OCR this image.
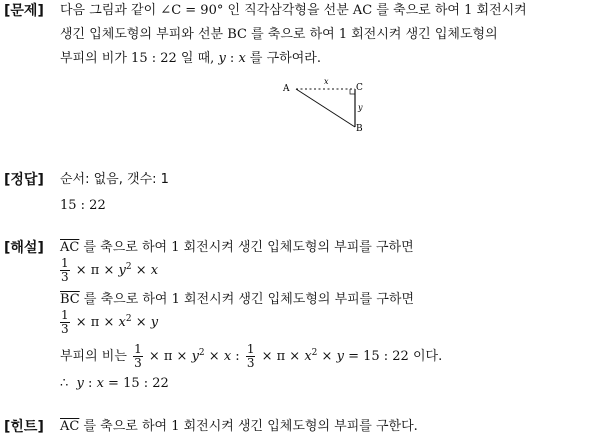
[문제] 다음 그림과 같이 ∠C = 90° 인 직각삼각형을 선분 AC 를 축으로 하여 1 회전시켜
생긴 입체도형의 부피와 선분 BC 를 축으로 하여 1 회전시켜 생긴 입체도형의
부피의 비가 15 : 22 일 때, y : x 를 구하여라.
A	C
B
x
y
[정답] 순서: 없음, 갯수: 1
15 : 22
[해설] $\overline{AC}$ 를 축으로 하여 1 회전시켜 생긴 입체도형의 부피를 구하면
$\frac{1}{3} \times \pi \times y^2 \times x$
$\overline{BC}$ 를 축으로 하여 1 회전시켜 생긴 입체도형의 부피를 구하면
$\frac{1}{3} \times \pi \times x^2 \times y$
부피의 비는 $\frac{1}{3} \times \pi \times y^2 \times x$ : $\frac{1}{3} \times \pi \times x^2 \times y = 15$ : 22 이다.
∴  y : x = 15 : 22
[힌트] $\overline{AC}$ 를 축으로 하여 1 회전시켜 생긴 입체도형의 부피를 구한다.
